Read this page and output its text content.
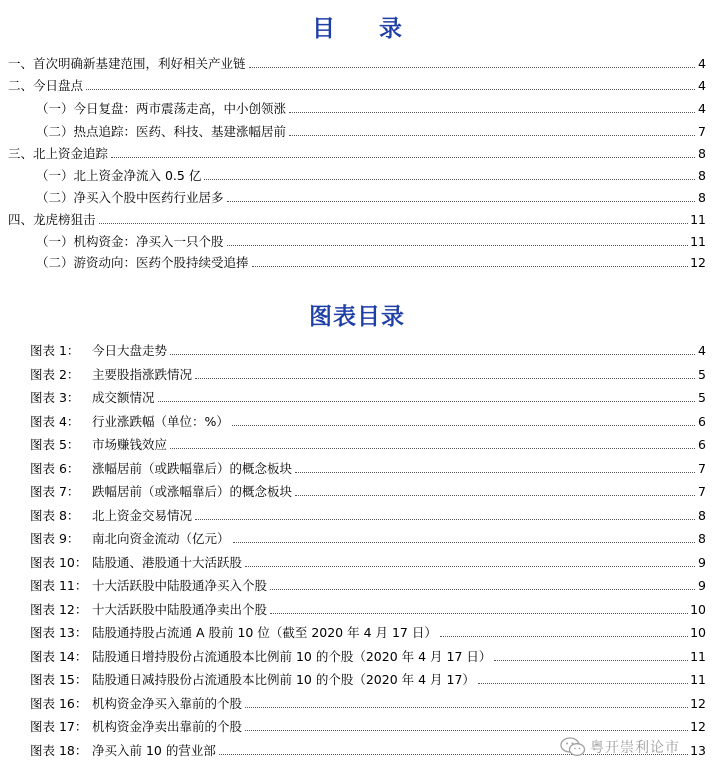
目 录
一、首次明确新基建范围，利好相关产业链	4
二、今日盘点	4
（一）今日复盘：两市震荡走高，中小创领涨	4
（二）热点追踪：医药、科技、基建涨幅居前	7
三、北上资金追踪	8
（一）北上资金净流入 0.5 亿	8
（二）净买入个股中医药行业居多	8
四、龙虎榜狙击	11
（一）机构资金：净买入一只个股	11
（二）游资动向：医药个股持续受追捧	12
图表目录
图表 1：	今日大盘走势	4
图表 2：	主要股指涨跌情况	5
图表 3：	成交额情况	5
图表 4：	行业涨跌幅（单位：%）	6
图表 5：	市场赚钱效应	6
图表 6：	涨幅居前（或跌幅靠后）的概念板块	7
图表 7：	跌幅居前（或涨幅靠后）的概念板块	7
图表 8：	北上资金交易情况	8
图表 9：	南北向资金流动（亿元）	8
图表 10： 陆股通、港股通十大活跃股	9
图表 11： 十大活跃股中陆股通净买入个股	9
图表 12： 十大活跃股中陆股通净卖出个股	10
图表 13： 陆股通持股占流通 A 股前 10 位（截至 2020 年 4 月 17 日）	10
图表 14： 陆股通日增持股份占流通股本比例前 10 的个股（2020 年 4 月 17 日）	11
图表 15： 陆股通日减持股份占流通股本比例前 10 的个股（2020 年 4 月 17）	11
图表 16： 机构资金净买入靠前的个股	12
图表 17： 机构资金净卖出靠前的个股	12
图表 18： 净买入前 10 的营业部	13
粤开崇利论市
